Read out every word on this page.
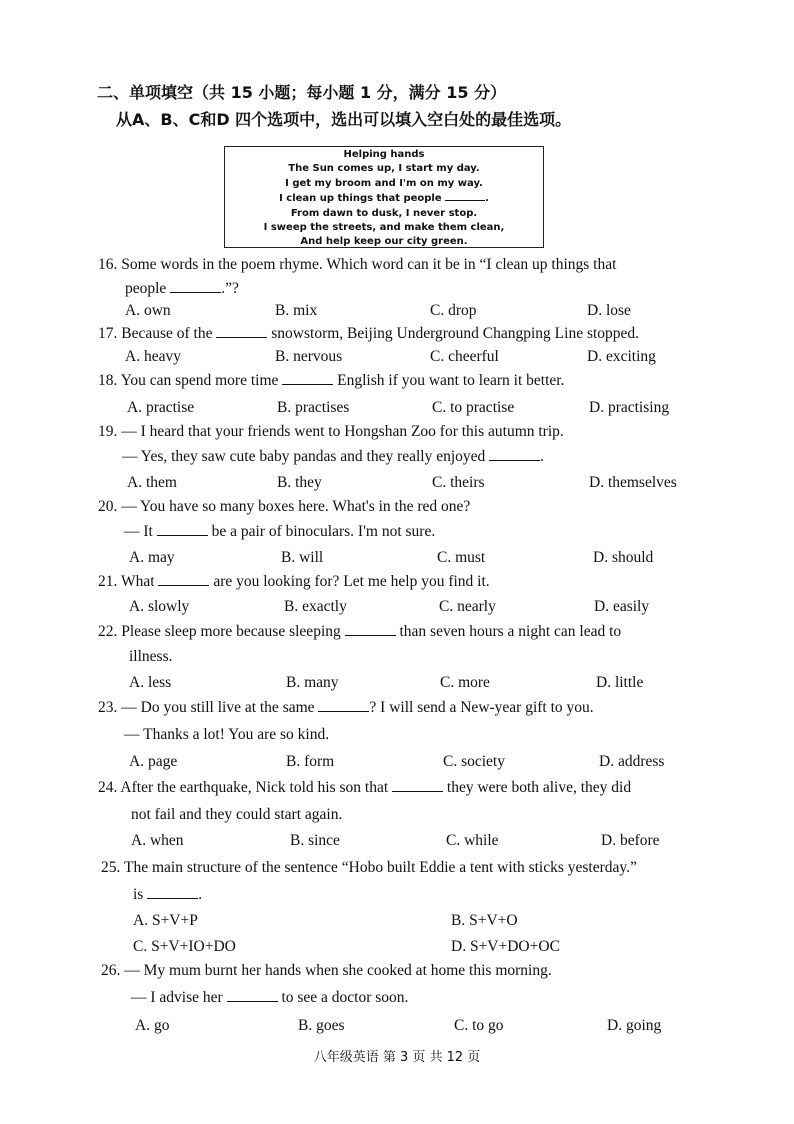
二、单项填空（共 15 小题；每小题 1 分，满分 15 分）
从A、B、C和D 四个选项中，选出可以填入空白处的最佳选项。
Helping hands
The Sun comes up, I start my day.
I get my broom and I'm on my way.
I clean up things that people	.
From dawn to dusk, I never stop.
I sweep the streets, and make them clean,
And help keep our city green.
16. Some words in the poem rhyme. Which word can it be in “I clean up things that
people	.”?
A. own	B. mix	C. drop	D. lose
17. Because of the	snowstorm, Beijing Underground Changping Line stopped.
A. heavy	B. nervous	C. cheerful	D. exciting
18. You can spend more time	English if you want to learn it better.
A. practise	B. practises	C. to practise	D. practising
19. — I heard that your friends went to Hongshan Zoo for this autumn trip.
— Yes, they saw cute baby pandas and they really enjoyed	.
A. them	B. they	C. theirs	D. themselves
20. — You have so many boxes here. What's in the red one?
— It	be a pair of binoculars. I'm not sure.
A. may	B. will	C. must	D. should
21. What	are you looking for? Let me help you find it.
A. slowly	B. exactly	C. nearly	D. easily
22. Please sleep more because sleeping	than seven hours a night can lead to
illness.
A. less	B. many	C. more	D. little
23. — Do you still live at the same	? I will send a New-year gift to you.
— Thanks a lot! You are so kind.
A. page	B. form	C. society	D. address
24. After the earthquake, Nick told his son that	they were both alive, they did
not fail and they could start again.
A. when	B. since	C. while	D. before
25. The main structure of the sentence “Hobo built Eddie a tent with sticks yesterday.”
is	.
A. S+V+P	B. S+V+O
C. S+V+IO+DO	D. S+V+DO+OC
26. — My mum burnt her hands when she cooked at home this morning.
— I advise her	to see a doctor soon.
A. go	B. goes	C. to go	D. going
八年级英语 第 3 页 共 12 页
